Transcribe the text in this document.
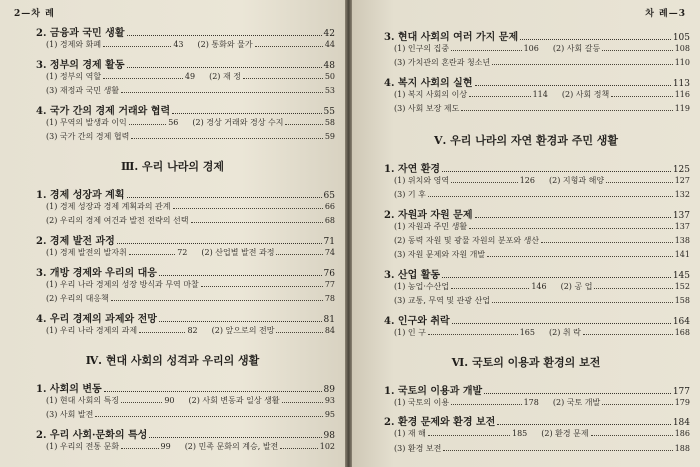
2—차 례
2. 금융과 국민 생활	42
(1) 경제와 화폐	43 (2) 통화와 물가	44
3. 정부의 경제 활동	48
(1) 정부의 역할	49 (2) 재 정	50
(3) 재정과 국민 생활	53
4. 국가 간의 경제 거래와 협력	55
(1) 무역의 발생과 이익	56 (2) 경상 거래와 경상 수지	58
(3) 국가 간의 경제 협력	59
Ⅲ. 우리 나라의 경제
1. 경제 성장과 계획	65
(1) 경제 성장과 경제 계획과의 관계	66
(2) 우리의 경제 여건과 발전 전략의 선택	68
2. 경제 발전 과정	71
(1) 경제 발전의 발자취	72 (2) 산업별 발전 과정	74
3. 개방 경제와 우리의 대응	76
(1) 우리 나라 경제의 성장 방식과 무역 마찰	77
(2) 우리의 대응책	78
4. 우리 경제의 과제와 전망	81
(1) 우리 나라 경제의 과제	82 (2) 앞으로의 전망	84
Ⅳ. 현대 사회의 성격과 우리의 생활
1. 사회의 변동	89
(1) 현대 사회의 특징	90 (2) 사회 변동과 일상 생활	93
(3) 사회 발전	95
2. 우리 사회·문화의 특성	98
(1) 우리의 전통 문화	99 (2) 민족 문화의 계승, 발전	102
차 례—3
3. 현대 사회의 여러 가지 문제	105
(1) 인구의 집중	106 (2) 사회 갈등	108
(3) 가치관의 혼란과 청소년	110
4. 복지 사회의 실현	113
(1) 복지 사회의 이상	114 (2) 사회 정책	116
(3) 사회 보장 제도	119
Ⅴ. 우리 나라의 자연 환경과 주민 생활
1. 자연 환경	125
(1) 위치와 영역	126 (2) 지형과 해양	127
(3) 기 후	132
2. 자원과 자원 문제	137
(1) 자원과 주민 생활	137
(2) 동력 자원 및 광물 자원의 분포와 생산	138
(3) 자원 문제와 자원 개발	141
3. 산업 활동	145
(1) 농업·수산업	146 (2) 공 업	152
(3) 교통, 무역 및 관광 산업	158
4. 인구와 취락	164
(1) 인 구	165 (2) 취 락	168
Ⅵ. 국토의 이용과 환경의 보전
1. 국토의 이용과 개발	177
(1) 국토의 이용	178 (2) 국토 개발	179
2. 환경 문제와 환경 보전	184
(1) 재 해	185 (2) 환경 문제	186
(3) 환경 보전	188
